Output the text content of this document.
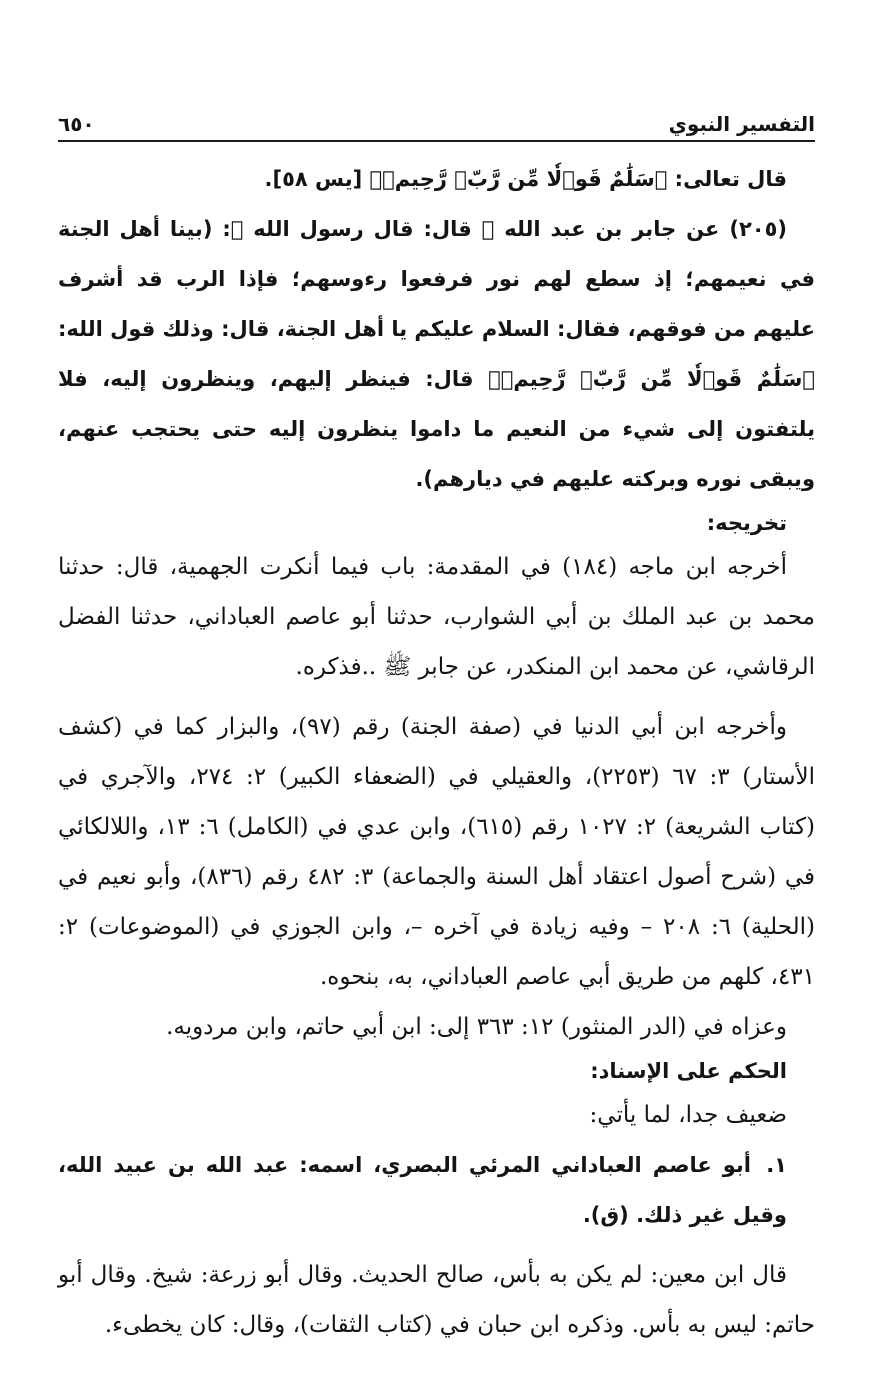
التفسير النبوي
٦٥٠

قال تعالى: ﴿سَلَٰمٌ قَوۡلٗا مِّن رَّبّٖ رَّحِيمٖ﴾ [يس ٥٨].

(٢٠٥) عن جابر بن عبد الله ﷺ قال: قال رسول الله ﷺ: (بينا أهل الجنة في نعيمهم؛ إذ سطع لهم نور فرفعوا رءوسهم؛ فإذا الرب قد أشرف عليهم من فوقهم، فقال: السلام عليكم يا أهل الجنة، قال: وذلك قول الله: ﴿سَلَٰمٌ قَوۡلٗا مِّن رَّبّٖ رَّحِيمٖ﴾ قال: فينظر إليهم، وينظرون إليه، فلا يلتفتون إلى شيء من النعيم ما داموا ينظرون إليه حتى يحتجب عنهم، ويبقى نوره وبركته عليهم في ديارهم).

تخريجه:

أخرجه ابن ماجه (١٨٤) في المقدمة: باب فيما أنكرت الجهمية، قال: حدثنا محمد بن عبد الملك بن أبي الشوارب، حدثنا أبو عاصم العباداني، حدثنا الفضل الرقاشي، عن محمد ابن المنكدر، عن جابر ﷺ ..فذكره.

وأخرجه ابن أبي الدنيا في (صفة الجنة) رقم (٩٧)، والبزار كما في (كشف الأستار) ٣: ٦٧ (٢٢٥٣)، والعقيلي في (الضعفاء الكبير) ٢: ٢٧٤، والآجري في (كتاب الشريعة) ٢: ١٠٢٧ رقم (٦١٥)، وابن عدي في (الكامل) ٦: ١٣، واللالكائي في (شرح أصول اعتقاد أهل السنة والجماعة) ٣: ٤٨٢ رقم (٨٣٦)، وأبو نعيم في (الحلية) ٦: ٢٠٨ – وفيه زيادة في آخره –، وابن الجوزي في (الموضوعات) ٢: ٤٣١، كلهم من طريق أبي عاصم العباداني، به، بنحوه.

وعزاه في (الدر المنثور) ١٢: ٣٦٣ إلى: ابن أبي حاتم، وابن مردويه.

الحكم على الإسناد:

ضعيف جدا، لما يأتي:

١.أبو عاصم العباداني المرئي البصري، اسمه: عبد الله بن عبيد الله، وقيل غير ذلك. (ق).

قال ابن معين: لم يكن به بأس، صالح الحديث. وقال أبو زرعة: شيخ. وقال أبو حاتم: ليس به بأس. وذكره ابن حبان في (كتاب الثقات)، وقال: كان يخطىء.
